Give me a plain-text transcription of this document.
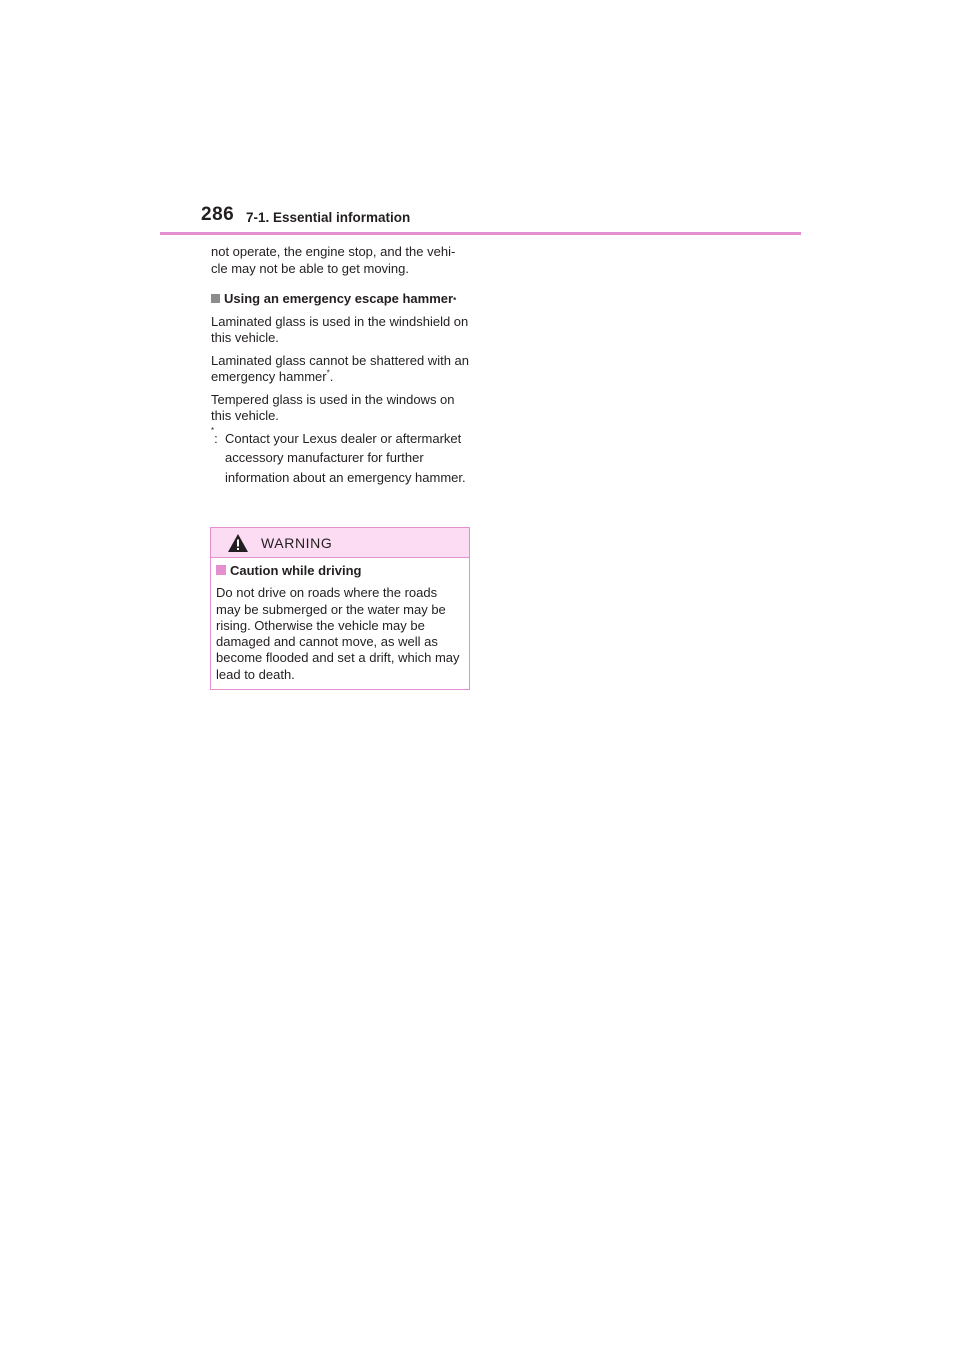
286 7-1. Essential information

not operate, the engine stop, and the vehi-cle may not be able to get moving.

Using an emergency escape hammer *

Laminated glass is used in the windshield on this vehicle.

Laminated glass cannot be shattered with an emergency hammer*.

Tempered glass is used in the windows on this vehicle.

*: Contact your Lexus dealer or aftermarket accessory manufacturer for further information about an emergency hammer.

WARNING

Caution while driving

Do not drive on roads where the roads may be submerged or the water may be rising. Otherwise the vehicle may be damaged and cannot move, as well as become flooded and set a drift, which may lead to death.
